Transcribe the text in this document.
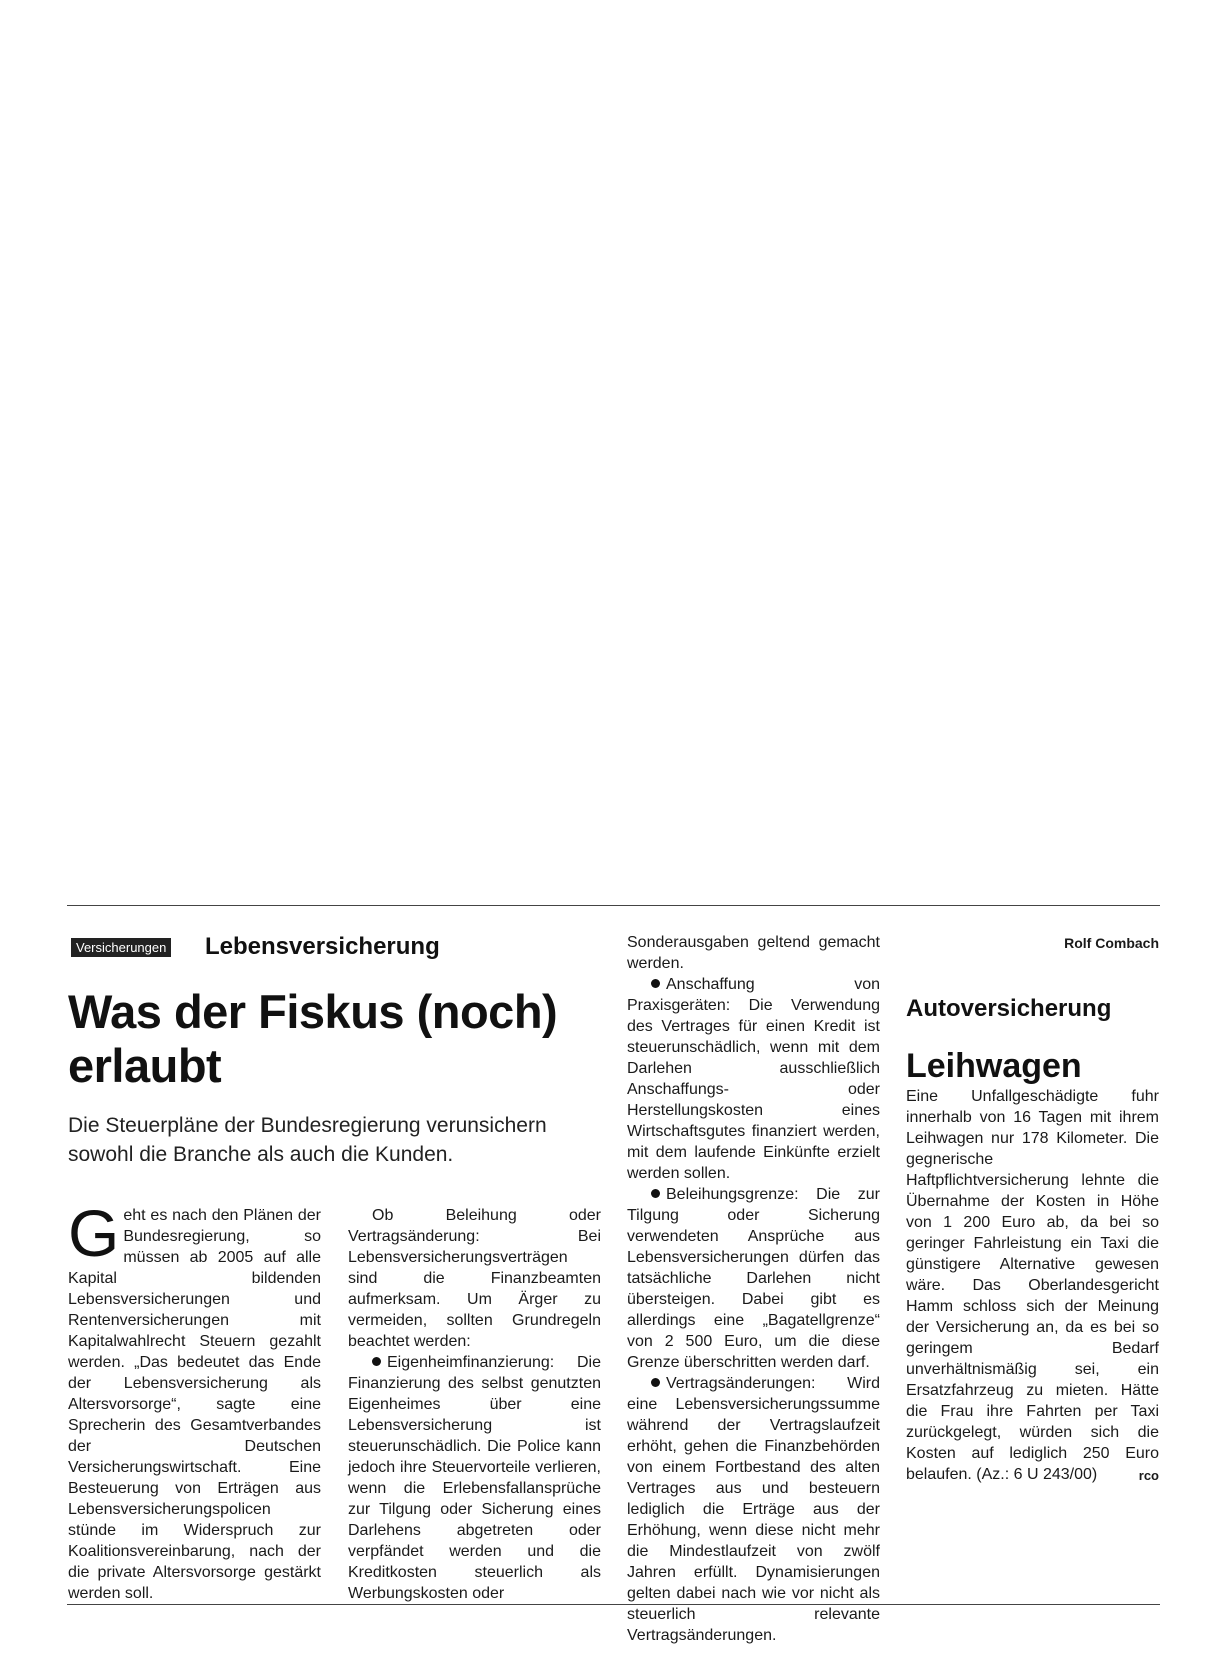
Versicherungen Lebensversicherung
Was der Fiskus (noch) erlaubt
Die Steuerpläne der Bundesregierung verunsichern sowohl die Branche als auch die Kunden.

Geht es nach den Plänen der Bundesregierung, so müssen ab 2005 auf alle Kapital bildenden Lebensversicherungen und Rentenversicherungen mit Kapitalwahlrecht Steuern gezahlt werden. „Das bedeutet das Ende der Lebensversicherung als Altersvorsorge“, sagte eine Sprecherin des Gesamtverbandes der Deutschen Versicherungswirtschaft. Eine Besteuerung von Erträgen aus Lebensversicherungspolicen stünde im Widerspruch zur Koalitionsvereinbarung, nach der die private Altersvorsorge gestärkt werden soll.

Ob Beleihung oder Vertragsänderung: Bei Lebensversicherungsverträgen sind die Finanzbeamten aufmerksam. Um Ärger zu vermeiden, sollten Grundregeln beachtet werden:

Eigenheimfinanzierung: Die Finanzierung des selbst genutzten Eigenheimes über eine Lebensversicherung ist steuerunschädlich. Die Police kann jedoch ihre Steuervorteile verlieren, wenn die Erlebensfallansprüche zur Tilgung oder Sicherung eines Darlehens abgetreten oder verpfändet werden und die Kreditkosten steuerlich als Werbungskosten oder

Sonderausgaben geltend gemacht werden.

Anschaffung von Praxisgeräten: Die Verwendung des Vertrages für einen Kredit ist steuerunschädlich, wenn mit dem Darlehen ausschließlich Anschaffungs- oder Herstellungskosten eines Wirtschaftsgutes finanziert werden, mit dem laufende Einkünfte erzielt werden sollen.

Beleihungsgrenze: Die zur Tilgung oder Sicherung verwendeten Ansprüche aus Lebensversicherungen dürfen das tatsächliche Darlehen nicht übersteigen. Dabei gibt es allerdings eine „Bagatellgrenze“ von 2 500 Euro, um die diese Grenze überschritten werden darf.

Vertragsänderungen: Wird eine Lebensversicherungssumme während der Vertragslaufzeit erhöht, gehen die Finanzbehörden von einem Fortbestand des alten Vertrages aus und besteuern lediglich die Erträge aus der Erhöhung, wenn diese nicht mehr die Mindestlaufzeit von zwölf Jahren erfüllt. Dynamisierungen gelten dabei nach wie vor nicht als steuerlich relevante Vertragsänderungen.

Rolf Combach

Autoversicherung
Leihwagen

Eine Unfallgeschädigte fuhr innerhalb von 16 Tagen mit ihrem Leihwagen nur 178 Kilometer. Die gegnerische Haftpflichtversicherung lehnte die Übernahme der Kosten in Höhe von 1 200 Euro ab, da bei so geringer Fahrleistung ein Taxi die günstigere Alternative gewesen wäre. Das Oberlandesgericht Hamm schloss sich der Meinung der Versicherung an, da es bei so geringem Bedarf unverhältnismäßig sei, ein Ersatzfahrzeug zu mieten. Hätte die Frau ihre Fahrten per Taxi zurückgelegt, würden sich die Kosten auf lediglich 250 Euro belaufen. (Az.: 6 U 243/00)	rco
